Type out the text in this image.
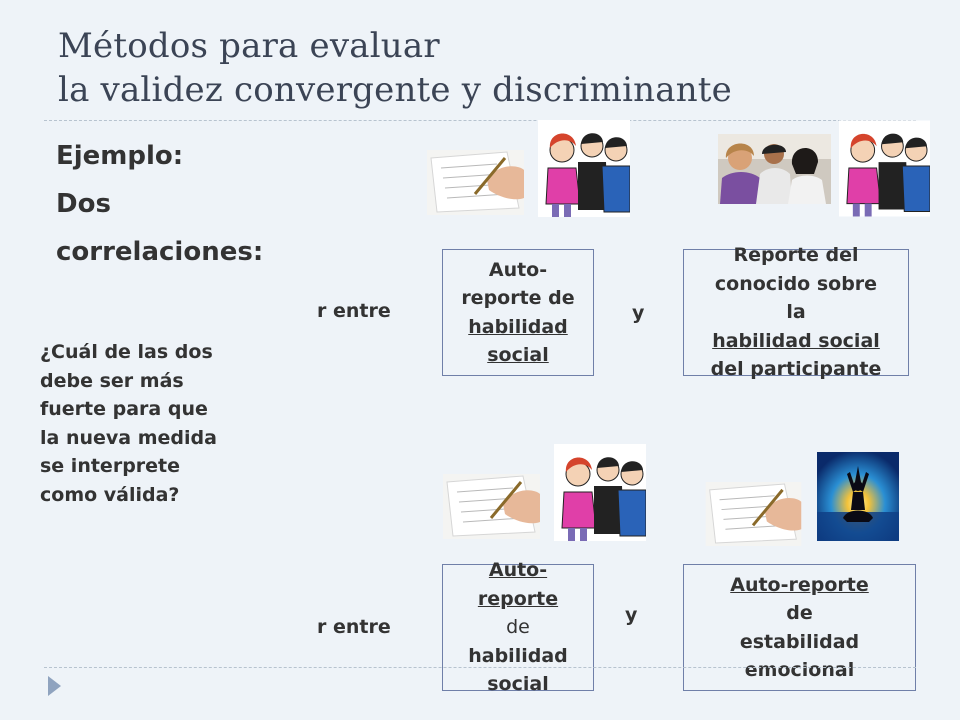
Métodos para evaluar
la validez convergente y discriminante
Ejemplo:
Dos
correlaciones:
¿Cuál de las dos debe ser más fuerte para que la nueva medida se interprete como válida?
r entre
Auto-
reporte de
habilidad
social
y
Reporte del
conocido sobre
la
habilidad social
del participante
r entre
Auto-
reporte
de
habilidad
social
y
Auto-reporte
de
estabilidad
emocional
